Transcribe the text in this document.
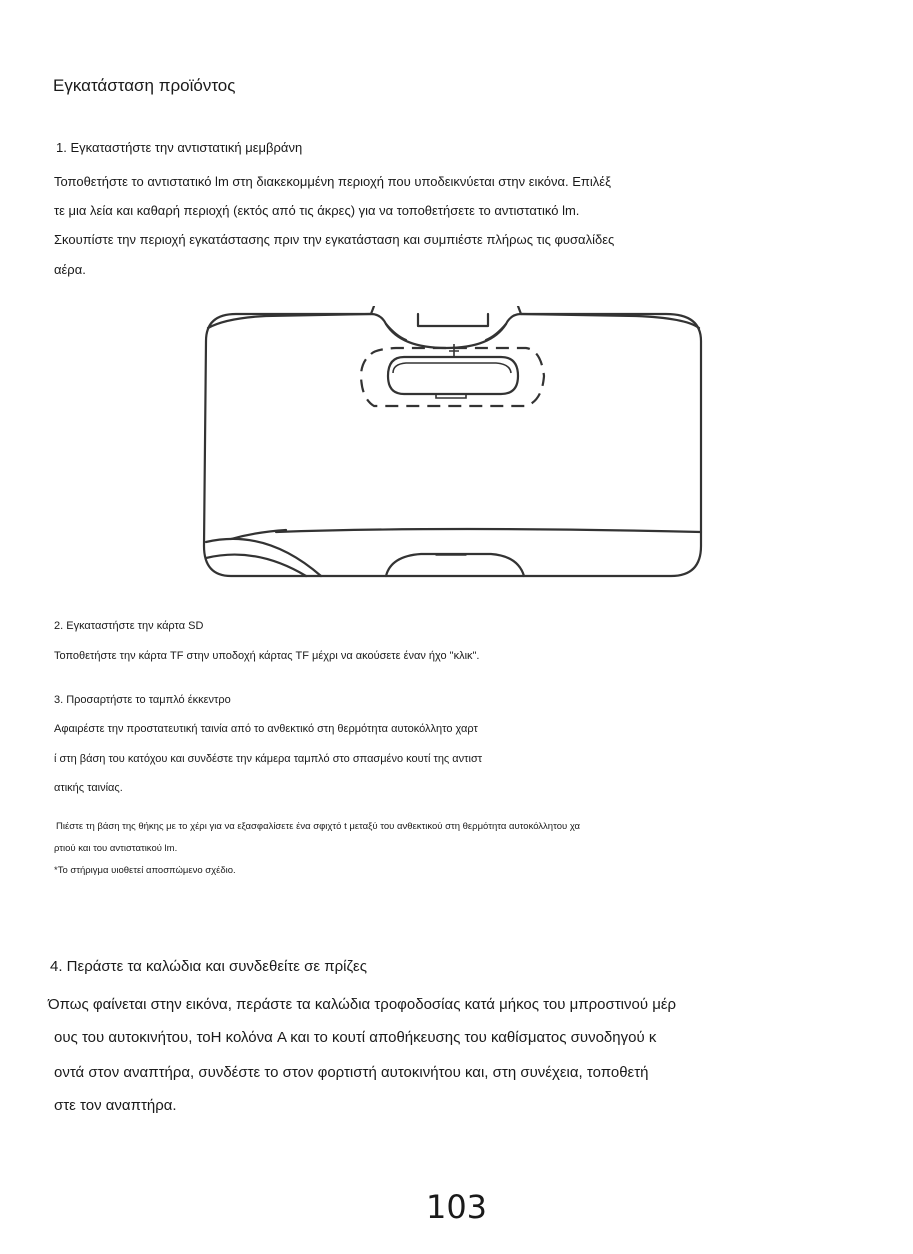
Εγκατάσταση προϊόντος
1. Εγκαταστήστε την αντιστατική μεμβράνη
Τοποθετήστε το αντιστατικό lm στη διακεκομμένη περιοχή που υποδεικνύεται στην εικόνα. Επιλέξ
τε μια λεία και καθαρή περιοχή (εκτός από τις άκρες) για να τοποθετήσετε το αντιστατικό lm.
Σκουπίστε την περιοχή εγκατάστασης πριν την εγκατάσταση και συμπιέστε πλήρως τις φυσαλίδες
αέρα.
2. Εγκαταστήστε την κάρτα SD
Τοποθετήστε την κάρτα TF στην υποδοχή κάρτας TF μέχρι να ακούσετε έναν ήχο "κλικ".
3. Προσαρτήστε το ταμπλό έκκεντρο
Αφαιρέστε την προστατευτική ταινία από το ανθεκτικό στη θερμότητα αυτοκόλλητο χαρτ
ί στη βάση του κατόχου και συνδέστε την κάμερα ταμπλό στο σπασμένο κουτί της αντιστ
ατικής ταινίας.
Πιέστε τη βάση της θήκης με το χέρι για να εξασφαλίσετε ένα σφιχτό t μεταξύ του ανθεκτικού στη θερμότητα αυτοκόλλητου χα
ρτιού και του αντιστατικού lm.
*Το στήριγμα υιοθετεί αποσπώμενο σχέδιο.
4. Περάστε τα καλώδια και συνδεθείτε σε πρίζες
Όπως φαίνεται στην εικόνα, περάστε τα καλώδια τροφοδοσίας κατά μήκος του μπροστινού μέρ
ους του αυτοκινήτου, τοΗ κολόνα A και το κουτί αποθήκευσης του καθίσματος συνοδηγού κ
οντά στον αναπτήρα, συνδέστε το στον φορτιστή αυτοκινήτου και, στη συνέχεια, τοποθετή
στε τον αναπτήρα.
103
